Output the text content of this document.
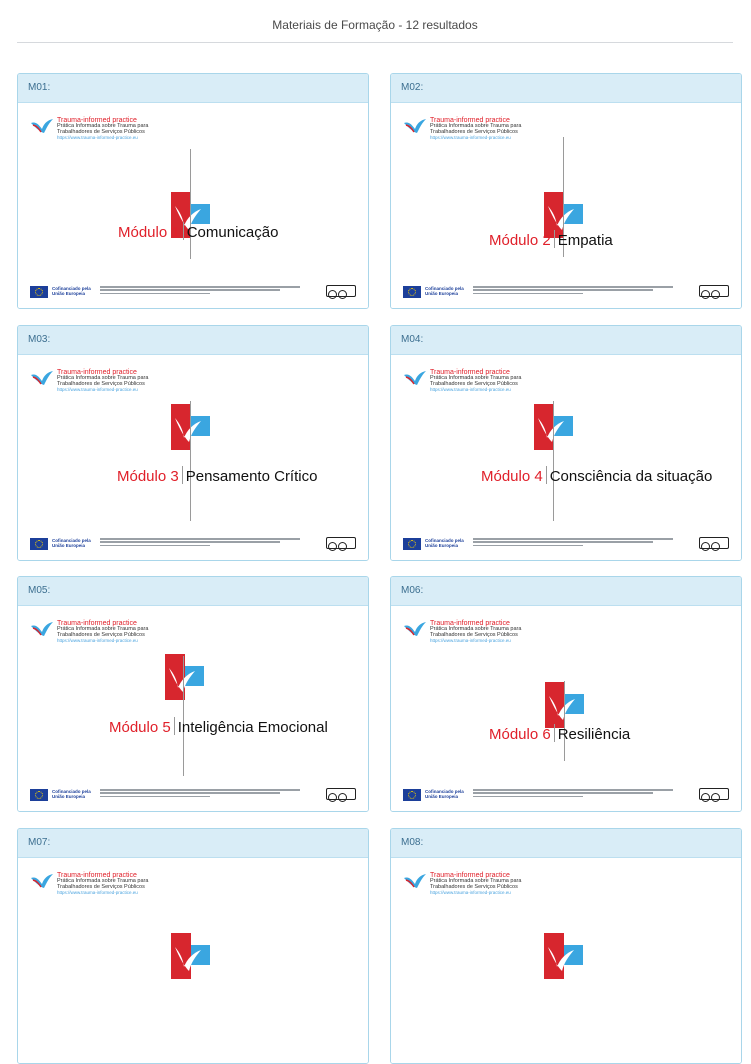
Materiais de Formação - 12 resultados
M01:
Trauma-informed practice
Prática Informada sobre Trauma para
Trabalhadores de Serviços Públicos
https://www.trauma-informed-practice.eu
Cofinanciado pela
União Europeia
Módulo 1 Comunicação
M02:
Trauma-informed practice
Prática Informada sobre Trauma para
Trabalhadores de Serviços Públicos
https://www.trauma-informed-practice.eu
Cofinanciado pela
União Europeia
Módulo 2 Empatia
M03:
Trauma-informed practice
Prática Informada sobre Trauma para
Trabalhadores de Serviços Públicos
https://www.trauma-informed-practice.eu
Cofinanciado pela
União Europeia
Módulo 3 Pensamento Crítico
M04:
Trauma-informed practice
Prática Informada sobre Trauma para
Trabalhadores de Serviços Públicos
https://www.trauma-informed-practice.eu
Cofinanciado pela
União Europeia
Módulo 4 Consciência da situação
M05:
Trauma-informed practice
Prática Informada sobre Trauma para
Trabalhadores de Serviços Públicos
https://www.trauma-informed-practice.eu
Cofinanciado pela
União Europeia
Módulo 5 Inteligência Emocional
M06:
Trauma-informed practice
Prática Informada sobre Trauma para
Trabalhadores de Serviços Públicos
https://www.trauma-informed-practice.eu
Cofinanciado pela
União Europeia
Módulo 6 Resiliência
M07:
Trauma-informed practice
Prática Informada sobre Trauma para
Trabalhadores de Serviços Públicos
https://www.trauma-informed-practice.eu
M08:
Trauma-informed practice
Prática Informada sobre Trauma para
Trabalhadores de Serviços Públicos
https://www.trauma-informed-practice.eu
